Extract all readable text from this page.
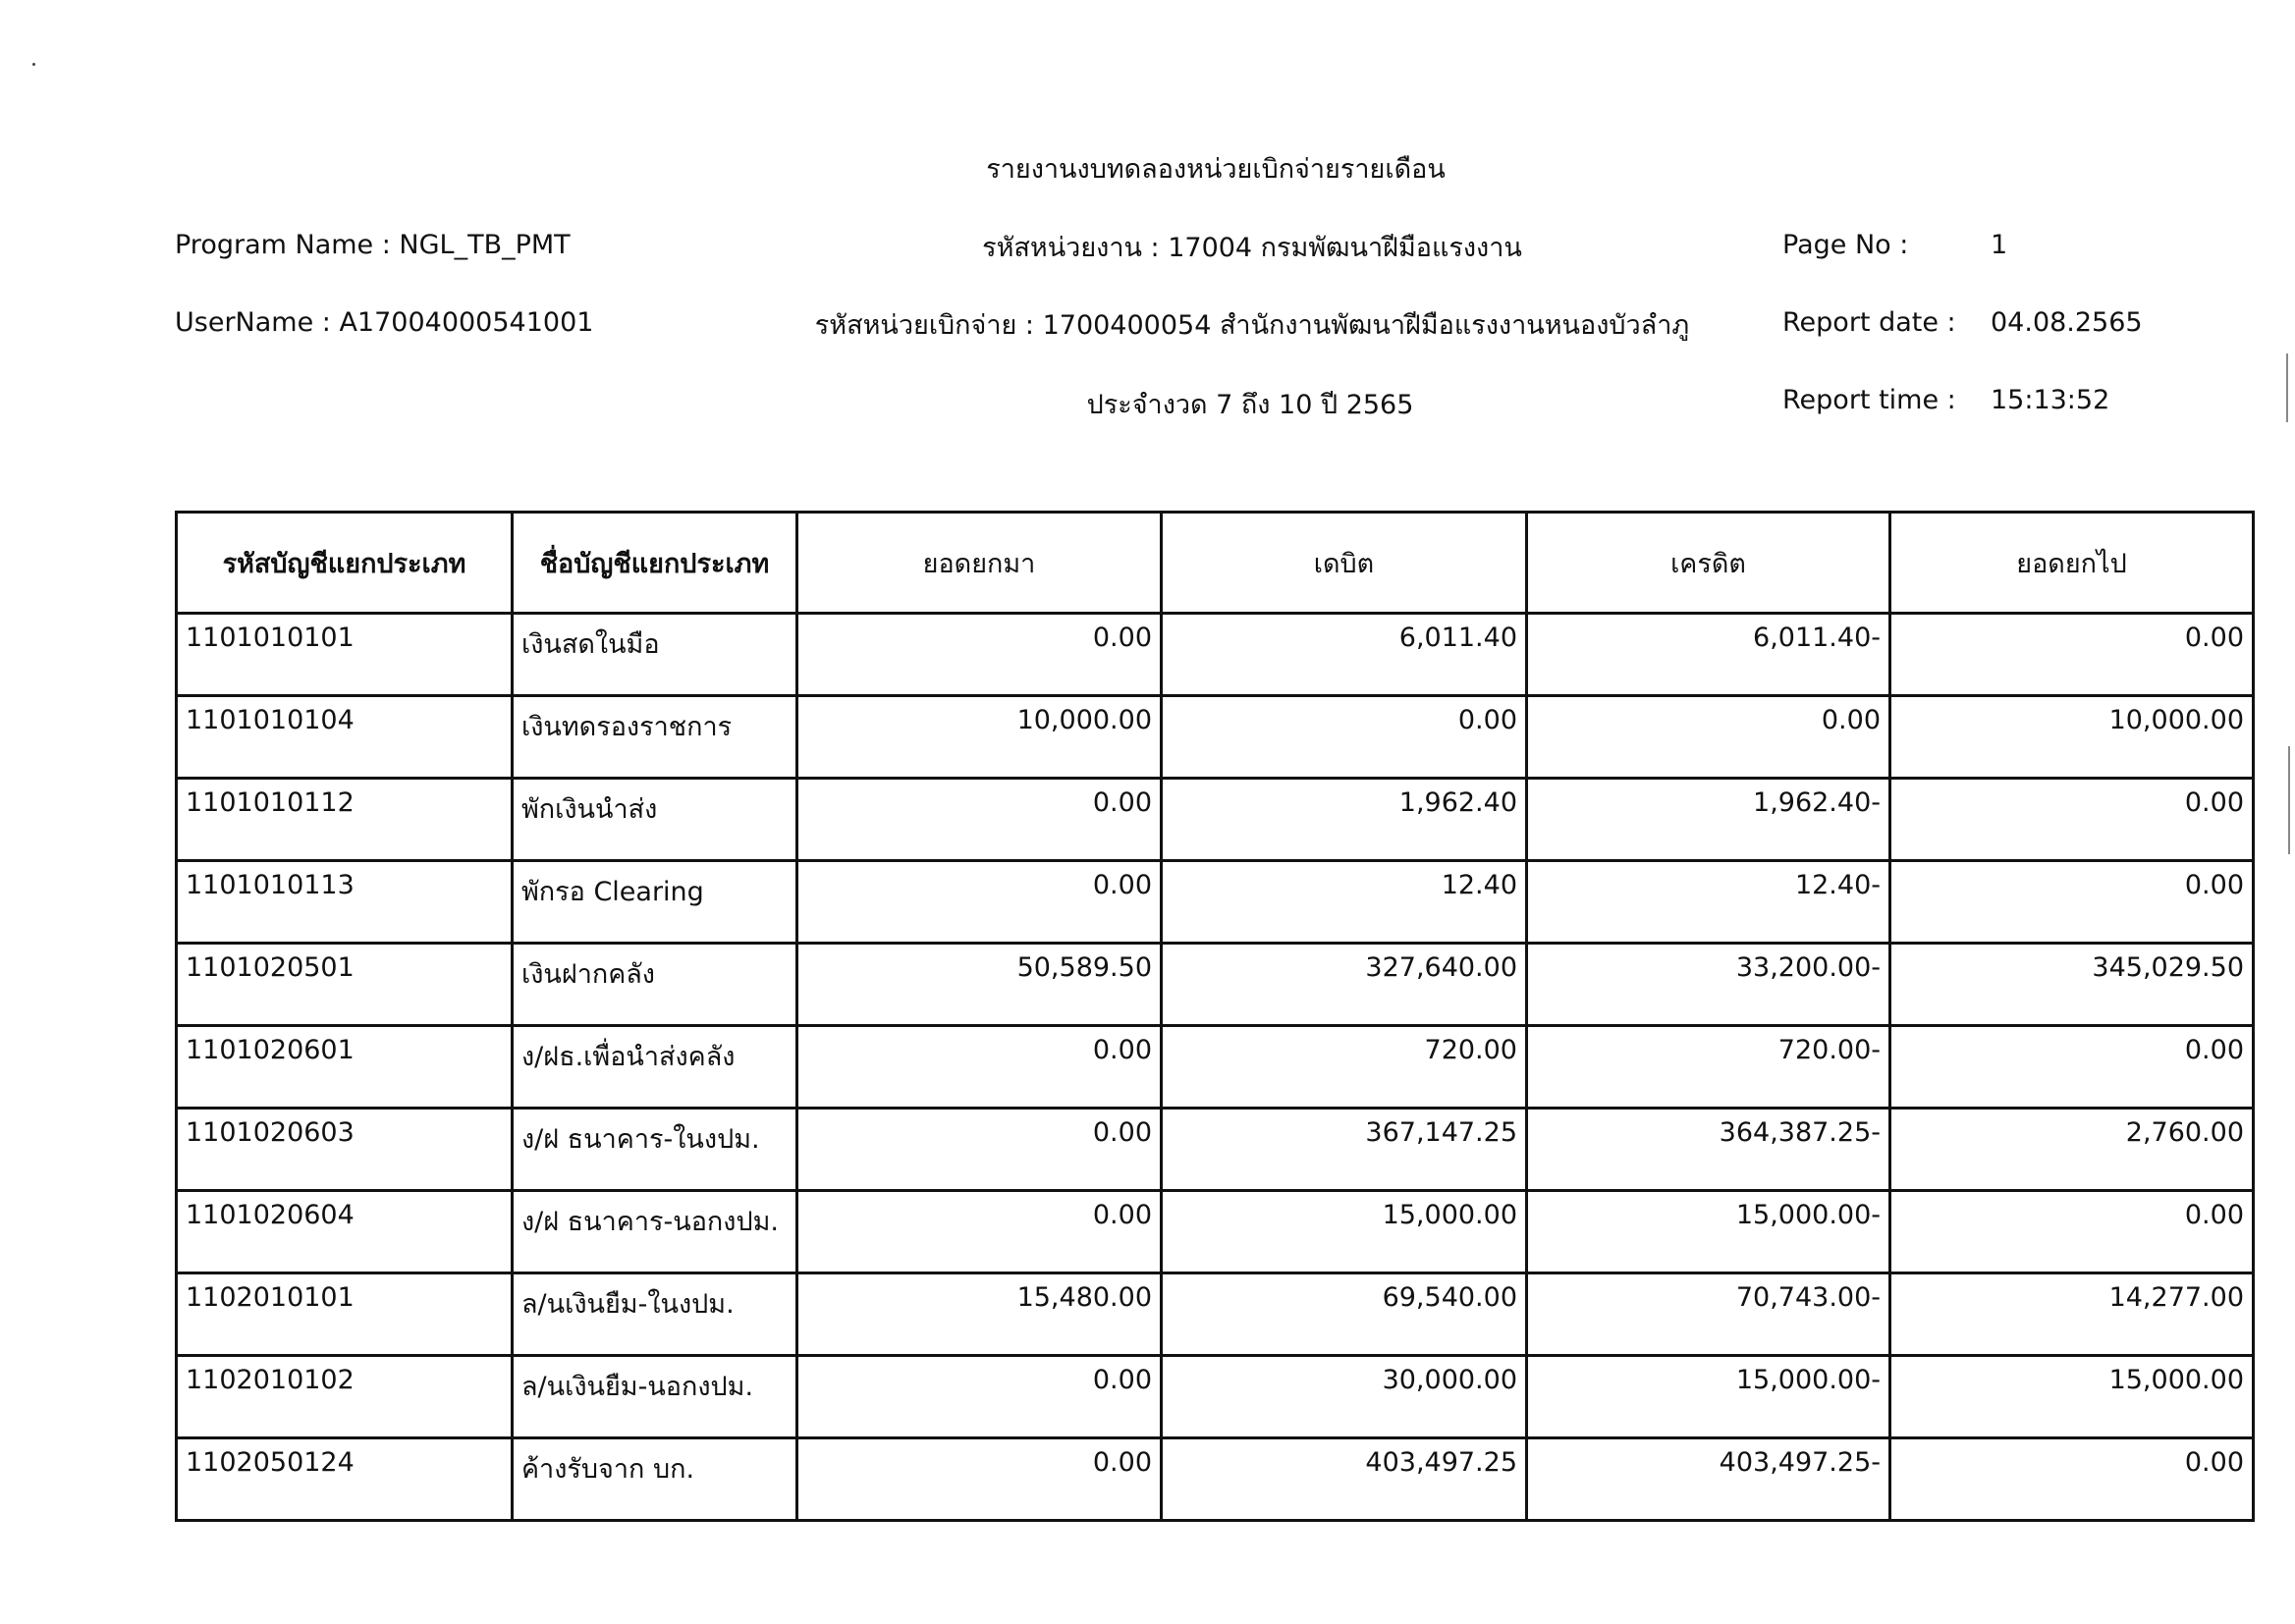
รายงานงบทดลองหน่วยเบิกจ่ายรายเดือน
Program Name : NGL_TB_PMT	รหัสหน่วยงาน : 17004 กรมพัฒนาฝีมือแรงงาน	Page No :	1
UserName : A17004000541001	รหัสหน่วยเบิกจ่าย : 1700400054 สำนักงานพัฒนาฝีมือแรงงานหนองบัวลำภู	Report date : 04.08.2565
ประจำงวด 7 ถึง 10 ปี 2565	Report time : 15:13:52
รหัสบัญชีแยกประเภท	ชื่อบัญชีแยกประเภท	ยอดยกมา	เดบิต	เครดิต	ยอดยกไป
1101010101	เงินสดในมือ	0.00	6,011.40	6,011.40-	0.00
1101010104	เงินทดรองราชการ	10,000.00	0.00	0.00	10,000.00
1101010112	พักเงินนำส่ง	0.00	1,962.40	1,962.40-	0.00
1101010113	พักรอ Clearing	0.00	12.40	12.40-	0.00
1101020501	เงินฝากคลัง	50,589.50	327,640.00	33,200.00-	345,029.50
1101020601	ง/ฝธ.เพื่อนำส่งคลัง	0.00	720.00	720.00-	0.00
1101020603	ง/ฝ ธนาคาร-ในงปม.	0.00	367,147.25	364,387.25-	2,760.00
1101020604	ง/ฝ ธนาคาร-นอกงปม.	0.00	15,000.00	15,000.00-	0.00
1102010101	ล/นเงินยืม-ในงปม.	15,480.00	69,540.00	70,743.00-	14,277.00
1102010102	ล/นเงินยืม-นอกงปม.	0.00	30,000.00	15,000.00-	15,000.00
1102050124	ค้างรับจาก บก.	0.00	403,497.25	403,497.25-	0.00
